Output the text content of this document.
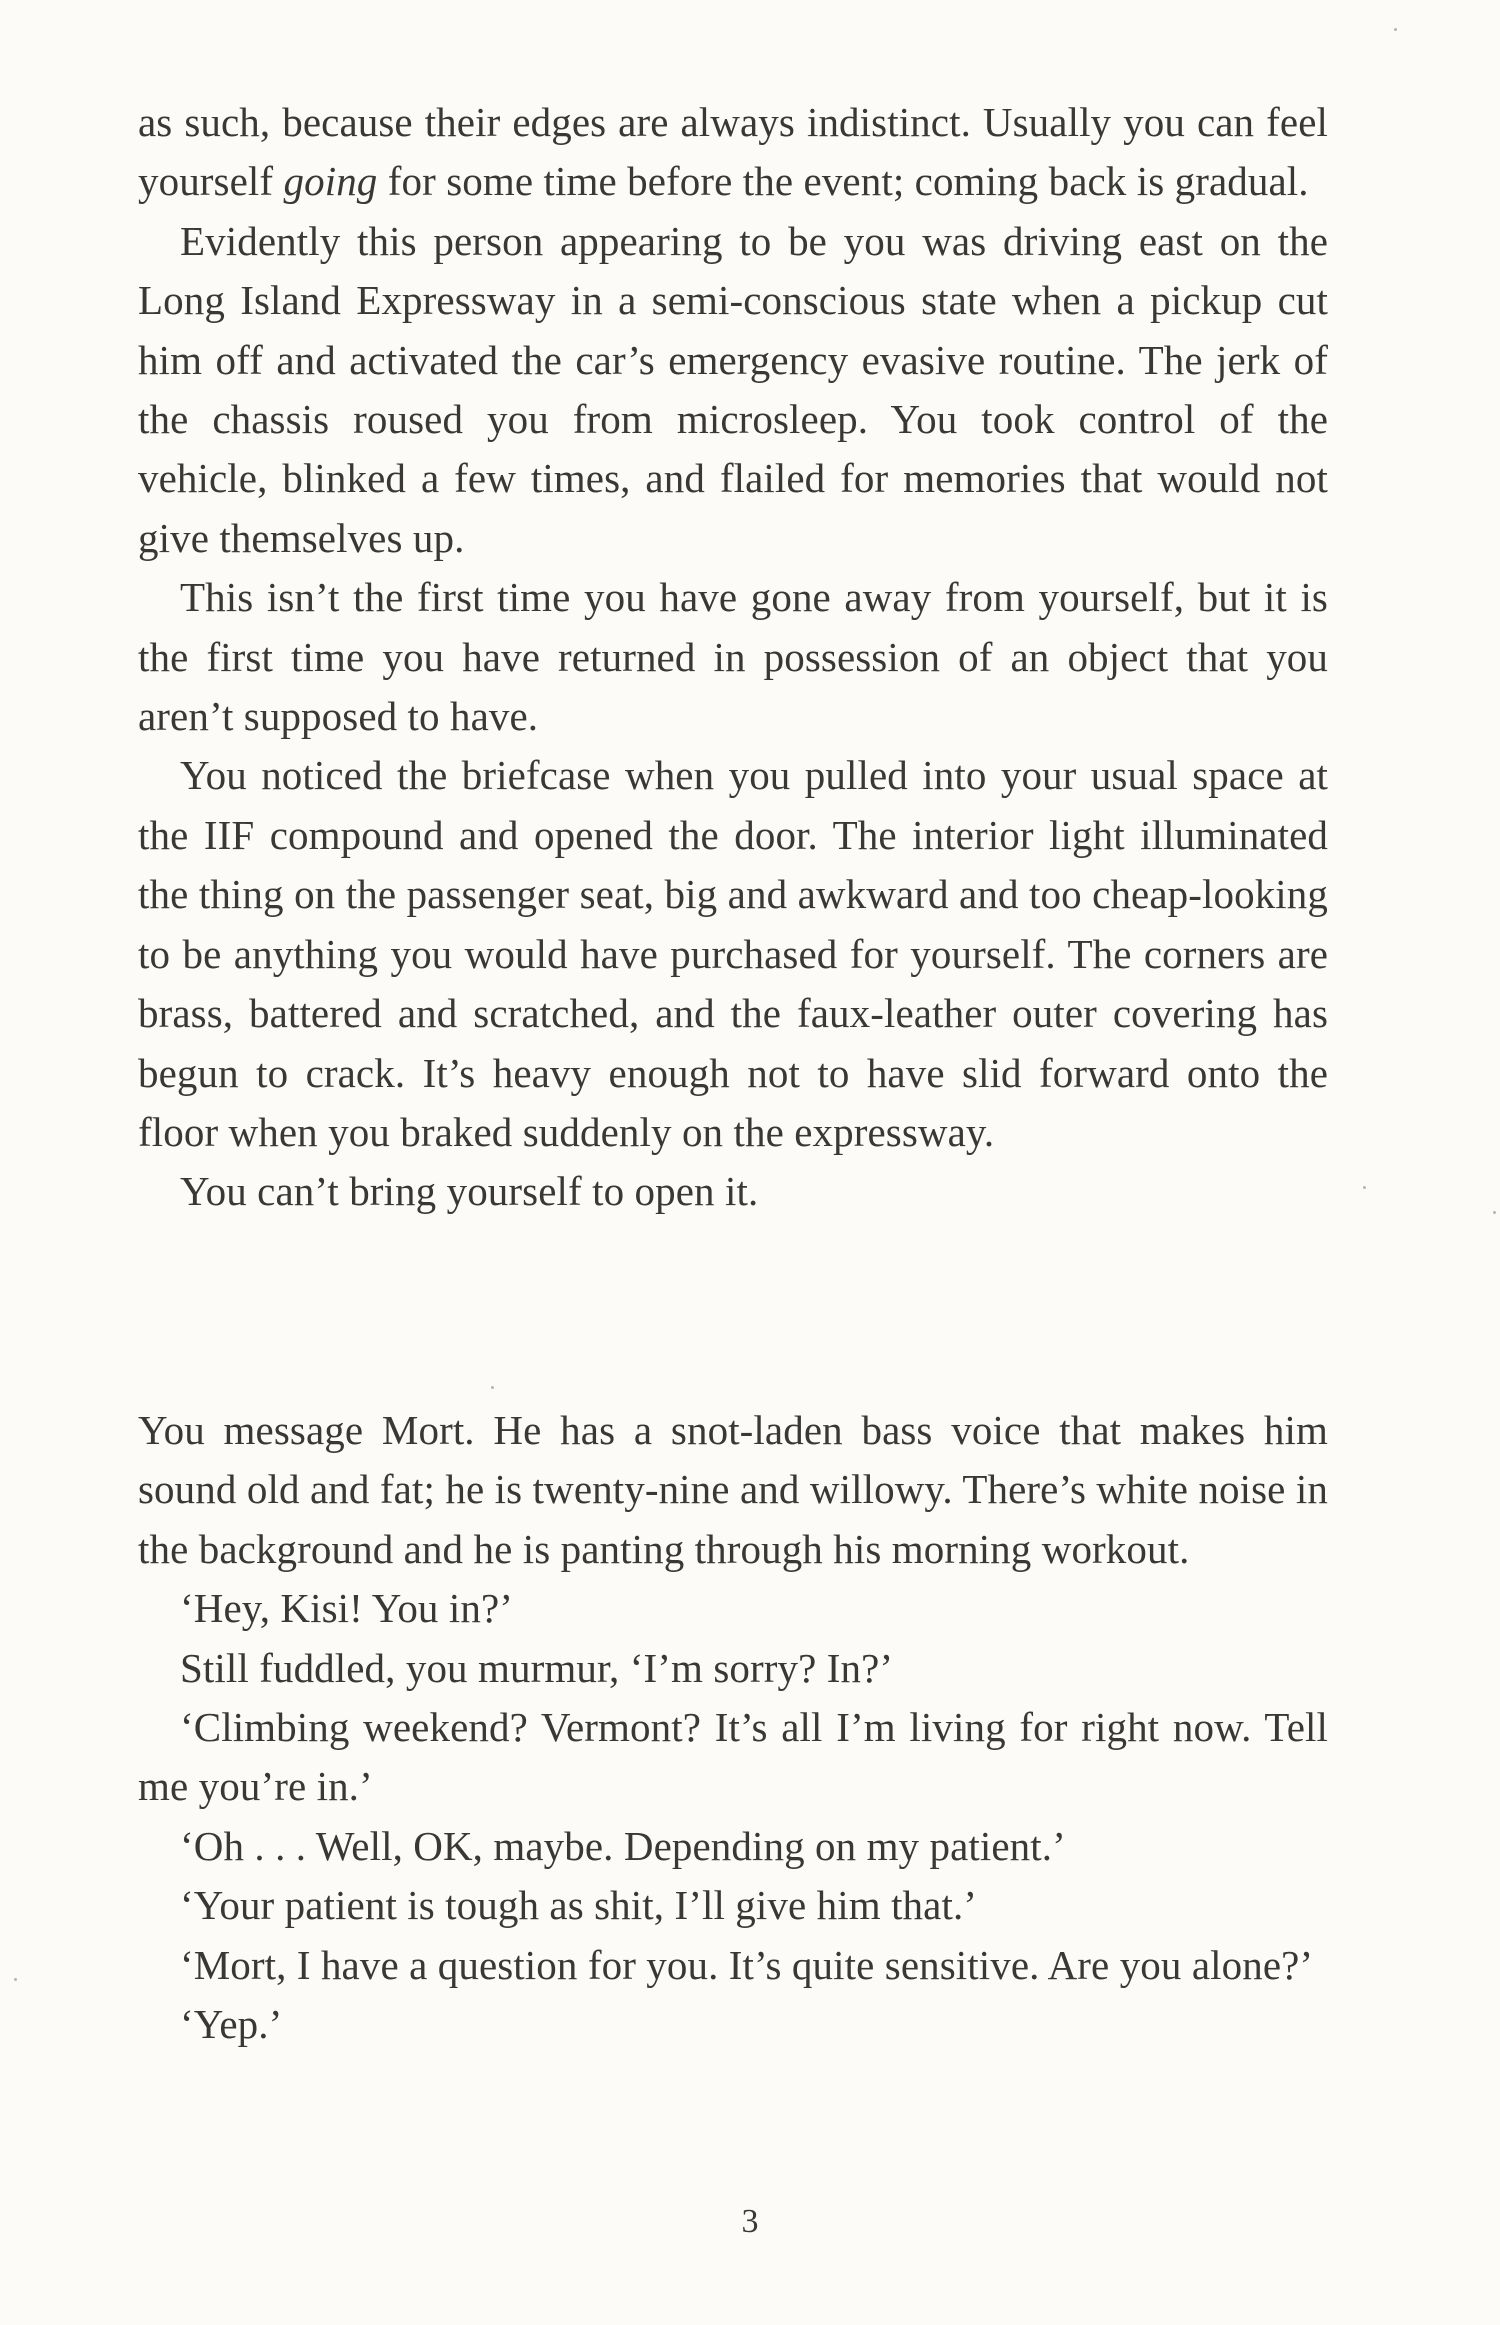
as such, because their edges are always indistinct. Usually you can feel yourself going for some time before the event; coming back is gradual.

Evidently this person appearing to be you was driving east on the Long Island Expressway in a semi-conscious state when a pickup cut him off and activated the car’s emergency evasive routine. The jerk of the chassis roused you from microsleep. You took control of the vehicle, blinked a few times, and flailed for memories that would not give themselves up.

This isn’t the first time you have gone away from yourself, but it is the first time you have returned in possession of an object that you aren’t supposed to have.

You noticed the briefcase when you pulled into your usual space at the IIF compound and opened the door. The interior light illuminated the thing on the passenger seat, big and awkward and too cheap-looking to be anything you would have purchased for yourself. The corners are brass, battered and scratched, and the faux-leather outer covering has begun to crack. It’s heavy enough not to have slid forward onto the floor when you braked suddenly on the expressway.

You can’t bring yourself to open it.

You message Mort. He has a snot-laden bass voice that makes him sound old and fat; he is twenty-nine and willowy. There’s white noise in the background and he is panting through his morning workout.

‘Hey, Kisi! You in?’

Still fuddled, you murmur, ‘I’m sorry? In?’

‘Climbing weekend? Vermont? It’s all I’m living for right now. Tell me you’re in.’

‘Oh . . . Well, OK, maybe. Depending on my patient.’

‘Your patient is tough as shit, I’ll give him that.’

‘Mort, I have a question for you. It’s quite sensitive. Are you alone?’

‘Yep.’

3
